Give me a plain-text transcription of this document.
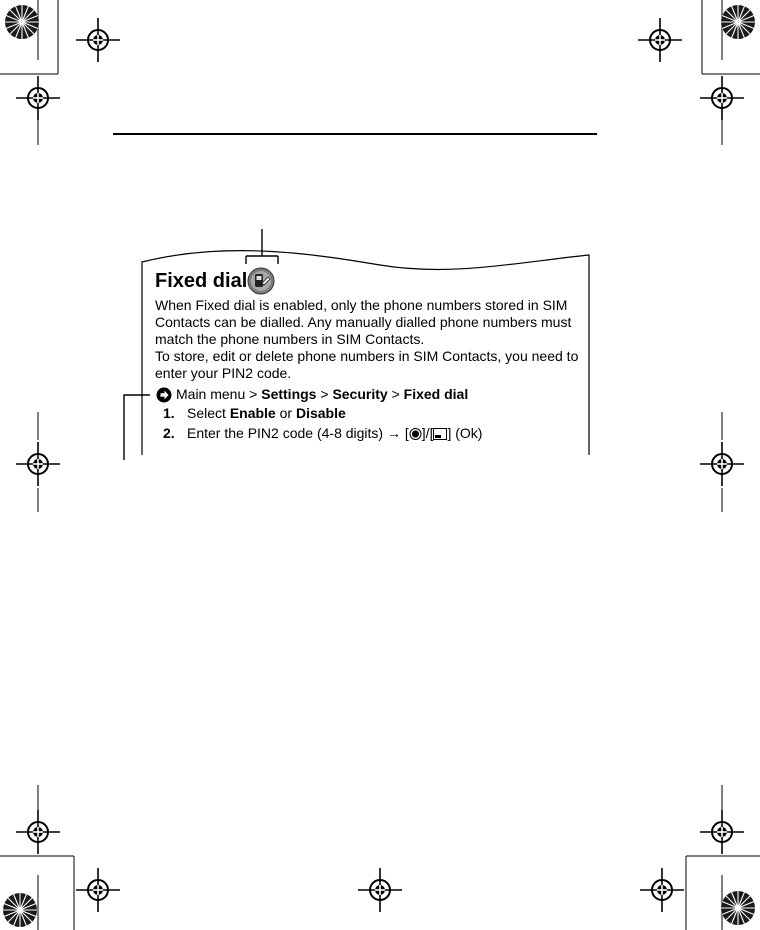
Fixed dial
When Fixed dial is enabled, only the phone numbers stored in SIM Contacts can be dialled. Any manually dialled phone numbers must match the phone numbers in SIM Contacts.
To store, edit or delete phone numbers in SIM Contacts, you need to enter your PIN2 code.
Main menu > Settings > Security > Fixed dial
1. Select Enable or Disable
2. Enter the PIN2 code (4-8 digits) → [ ]/[ ] (Ok)
